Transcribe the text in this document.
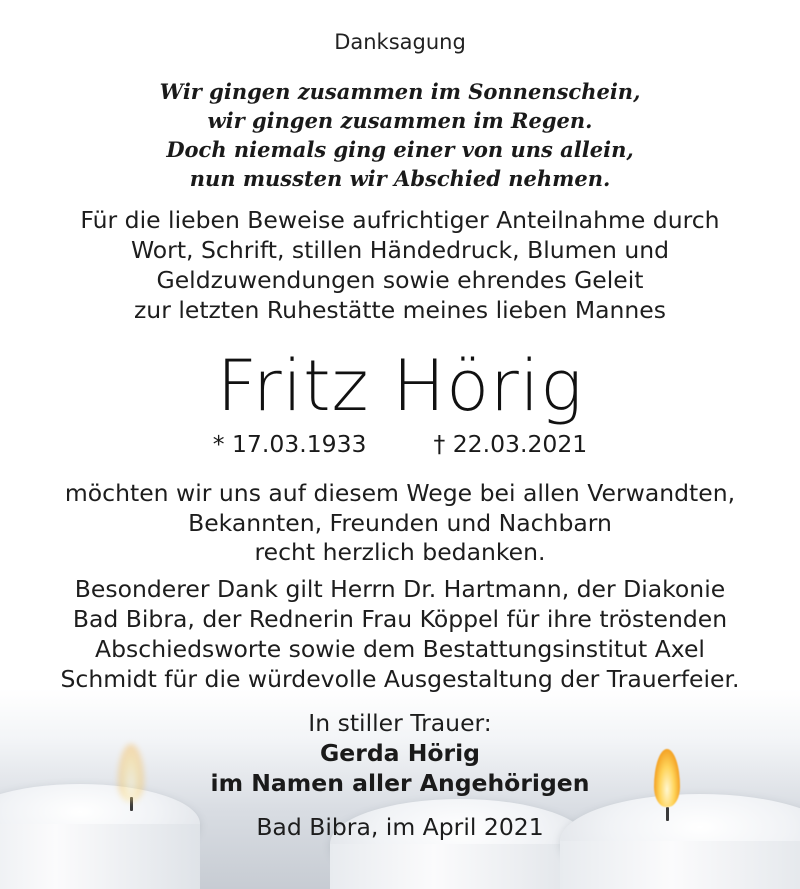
Danksagung
Wir gingen zusammen im Sonnenschein,
wir gingen zusammen im Regen.
Doch niemals ging einer von uns allein,
nun mussten wir Abschied nehmen.
Für die lieben Beweise aufrichtiger Anteilnahme durch
Wort, Schrift, stillen Händedruck, Blumen und
Geldzuwendungen sowie ehrendes Geleit
zur letzten Ruhestätte meines lieben Mannes
Fritz Hörig
* 17.03.1933	† 22.03.2021
möchten wir uns auf diesem Wege bei allen Verwandten,
Bekannten, Freunden und Nachbarn
recht herzlich bedanken.
Besonderer Dank gilt Herrn Dr. Hartmann, der Diakonie
Bad Bibra, der Rednerin Frau Köppel für ihre tröstenden
Abschiedsworte sowie dem Bestattungsinstitut Axel
Schmidt für die würdevolle Ausgestaltung der Trauerfeier.
In stiller Trauer:
Gerda Hörig
im Namen aller Angehörigen
Bad Bibra, im April 2021
